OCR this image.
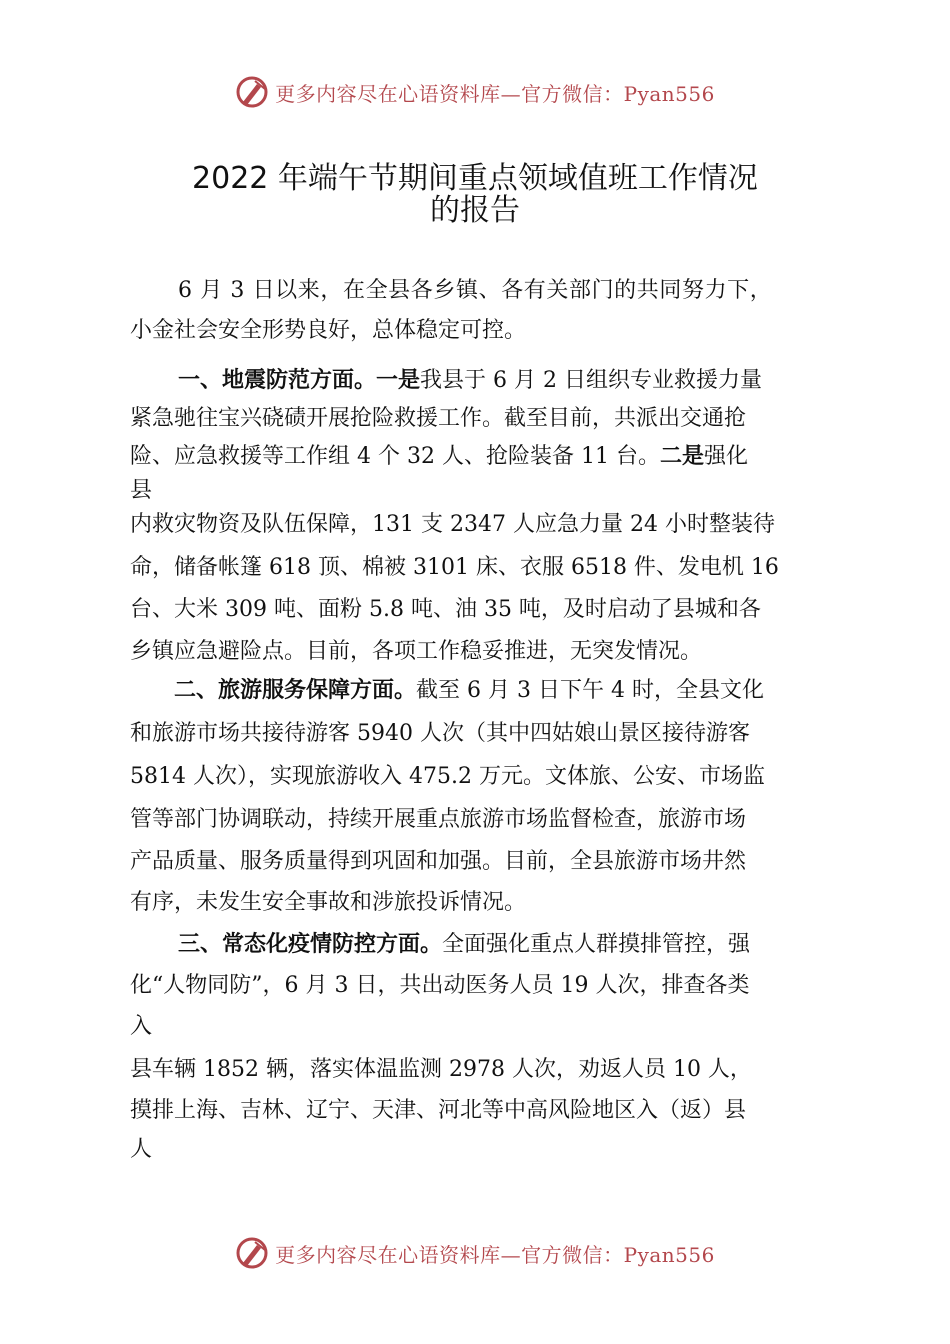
更多内容尽在心语资料库—官方微信：Pyan556
2022 年端午节期间重点领域值班工作情况
的报告
6 月 3 日以来，在全县各乡镇、各有关部门的共同努力下，
小金社会安全形势良好，总体稳定可控。
一、地震防范方面。一是我县于 6 月 2 日组织专业救援力量
紧急驰往宝兴硗碛开展抢险救援工作。截至目前，共派出交通抢
险、应急救援等工作组 4 个 32 人、抢险装备 11 台。二是强化
县
内救灾物资及队伍保障，131 支 2347 人应急力量 24 小时整装待
命，储备帐篷 618 顶、棉被 3101 床、衣服 6518 件、发电机 16
台、大米 309 吨、面粉 5.8 吨、油 35 吨，及时启动了县城和各
乡镇应急避险点。目前，各项工作稳妥推进，无突发情况。
二、旅游服务保障方面。截至 6 月 3 日下午 4 时，全县文化
和旅游市场共接待游客 5940 人次（其中四姑娘山景区接待游客
5814 人次），实现旅游收入 475.2 万元。文体旅、公安、市场监
管等部门协调联动，持续开展重点旅游市场监督检查，旅游市场
产品质量、服务质量得到巩固和加强。目前，全县旅游市场井然
有序，未发生安全事故和涉旅投诉情况。
三、常态化疫情防控方面。全面强化重点人群摸排管控，强
化“人物同防”，6 月 3 日，共出动医务人员 19 人次，排查各类
入
县车辆 1852 辆，落实体温监测 2978 人次，劝返人员 10 人，
摸排上海、吉林、辽宁、天津、河北等中高风险地区入（返）县
人
更多内容尽在心语资料库—官方微信：Pyan556
